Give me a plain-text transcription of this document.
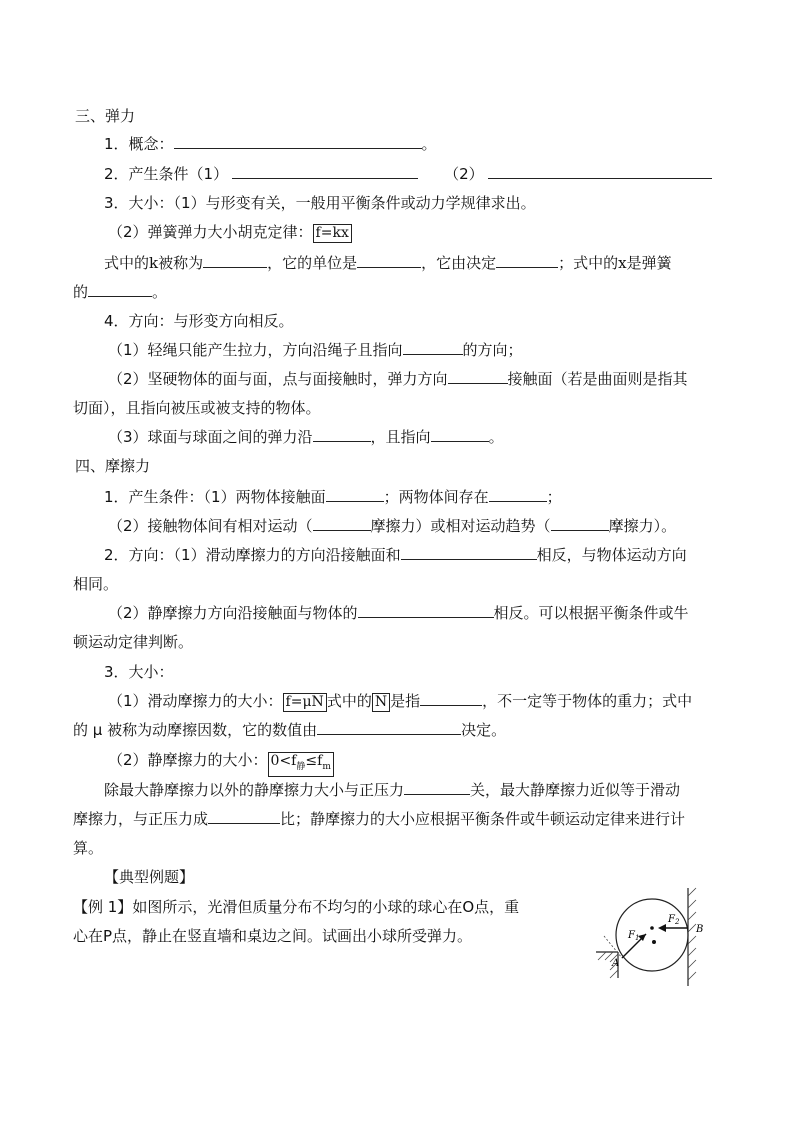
三、弹力
1．概念：	。
2．产生条件（1）	（2）
3．大小：（1）与形变有关，一般用平衡条件或动力学规律求出。
（2）弹簧弹力大小胡克定律： f=kx
式中的k被称为	，它的单位是	，它由决定	；式中的x是弹簧
的	。
4．方向：与形变方向相反。
（1）轻绳只能产生拉力，方向沿绳子且指向	的方向；
（2）坚硬物体的面与面，点与面接触时，弹力方向	接触面（若是曲面则是指其
切面），且指向被压或被支持的物体。
（3）球面与球面之间的弹力沿	，且指向	。
四、摩擦力
1．产生条件：（1）两物体接触面	；两物体间存在	；
（2）接触物体间有相对运动（	摩擦力）或相对运动趋势（	摩擦力）。
2．方向：（1）滑动摩擦力的方向沿接触面和	相反，与物体运动方向
相同。
（2）静摩擦力方向沿接触面与物体的	相反。可以根据平衡条件或牛
顿运动定律判断。
3．大小：
（1）滑动摩擦力的大小： f=μN 式中的 N 是指	，不一定等于物体的重力；式中
的 μ 被称为动摩擦因数，它的数值由	决定。
（2）静摩擦力的大小： $0<f_静\le f_m$
除最大静摩擦力以外的静摩擦力大小与正压力	关，最大静摩擦力近似等于滑动
摩擦力，与正压力成	比；静摩擦力的大小应根据平衡条件或牛顿运动定律来进行计
算。
【典型例题】
【例 1】如图所示，光滑但质量分布不均匀的小球的球心在O点，重
心在P点，静止在竖直墙和桌边之间。试画出小球所受弹力。	$F_1$
$F_2$
A
B
